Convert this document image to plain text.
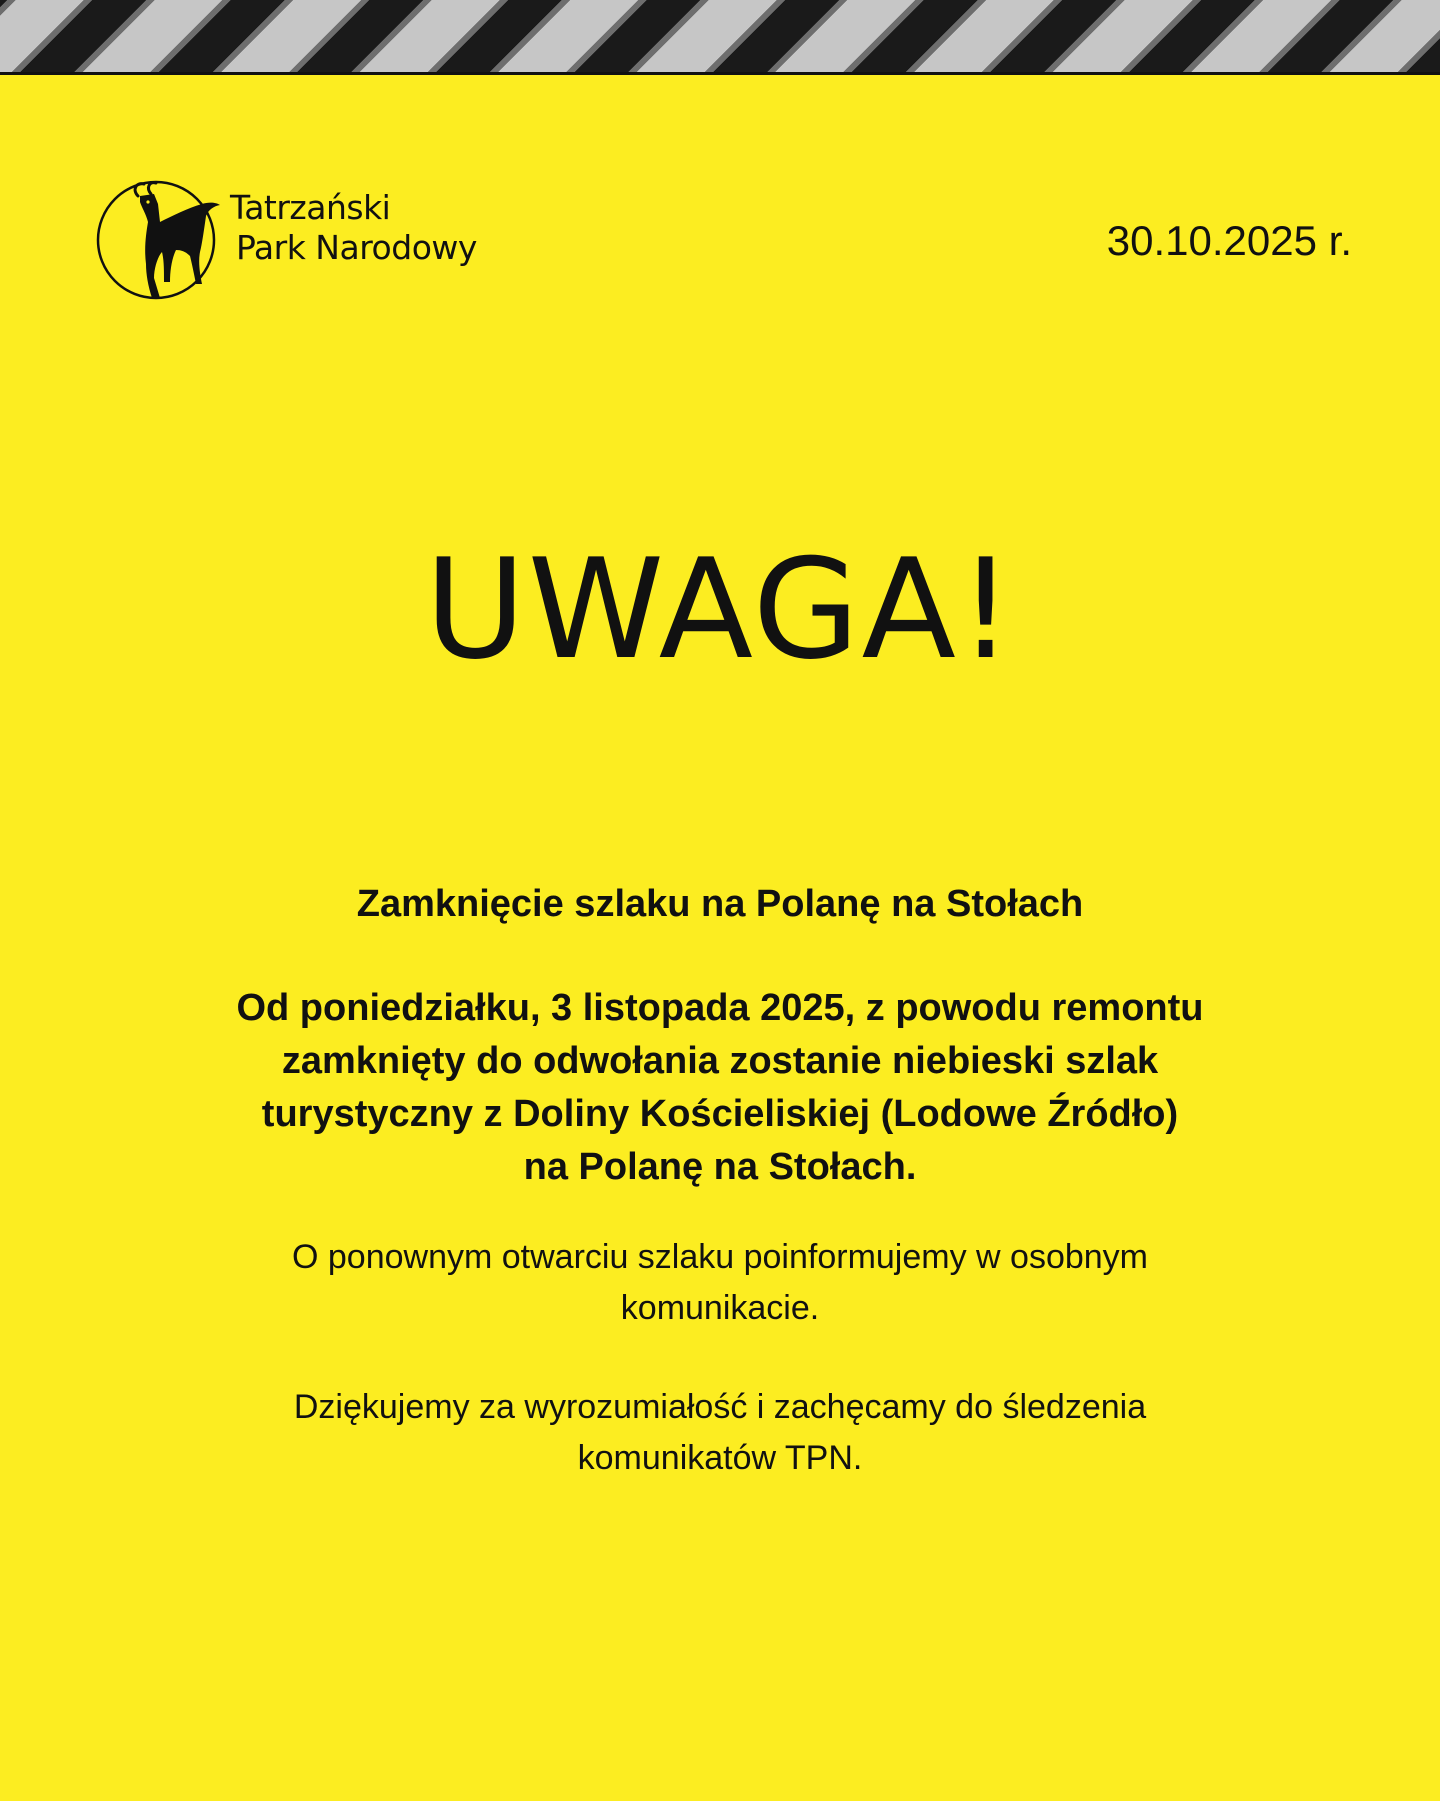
Tatrzański
Park Narodowy	30.10.2025 r.
UWAGA!

Zamknięcie szlaku na Polanę na Stołach

Od poniedziałku, 3 listopada 2025, z powodu remontu
zamknięty do odwołania zostanie niebieski szlak
turystyczny z Doliny Kościeliskiej (Lodowe Źródło)
na Polanę na Stołach.

O ponownym otwarciu szlaku poinformujemy w osobnym
komunikacie.

Dziękujemy za wyrozumiałość i zachęcamy do śledzenia
komunikatów TPN.
